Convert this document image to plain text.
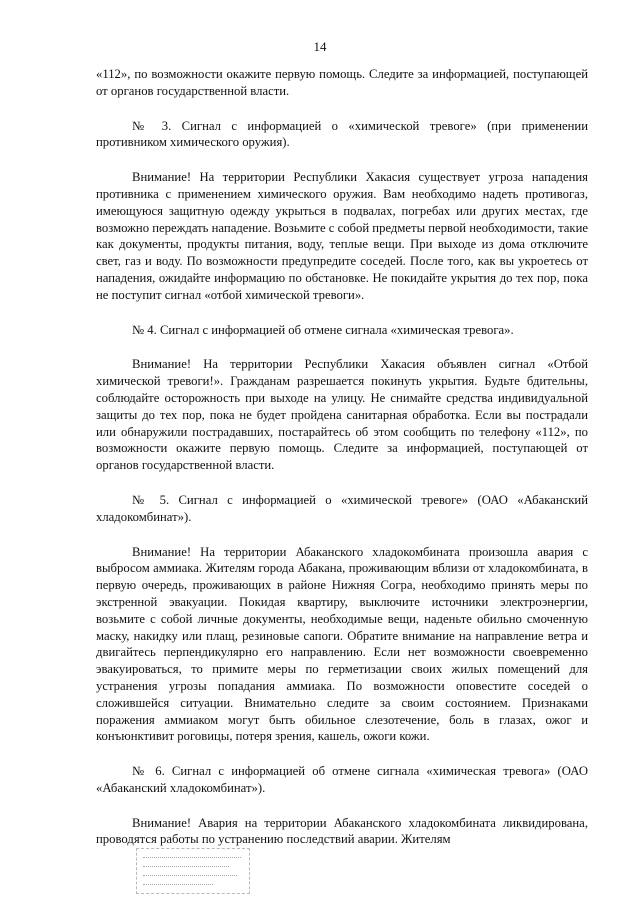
14

«112», по возможности окажите первую помощь. Следите за информацией, поступающей от органов государственной власти.

№ 3. Сигнал с информацией о «химической тревоге» (при применении противником химического оружия).

Внимание! На территории Республики Хакасия существует угроза нападения противника с применением химического оружия. Вам необходимо надеть противогаз, имеющуюся защитную одежду укрыться в подвалах, погребах или других местах, где возможно переждать нападение. Возьмите с собой предметы первой необходимости, такие как документы, продукты питания, воду, теплые вещи. При выходе из дома отключите свет, газ и воду. По возможности предупредите соседей. После того, как вы укроетесь от нападения, ожидайте информацию по обстановке. Не покидайте укрытия до тех пор, пока не поступит сигнал «отбой химической тревоги».

№ 4. Сигнал с информацией об отмене сигнала «химическая тревога».

Внимание! На территории Республики Хакасия объявлен сигнал «Отбой химической тревоги!». Гражданам разрешается покинуть укрытия. Будьте бдительны, соблюдайте осторожность при выходе на улицу. Не снимайте средства индивидуальной защиты до тех пор, пока не будет пройдена санитарная обработка. Если вы пострадали или обнаружили пострадавших, постарайтесь об этом сообщить по телефону «112», по возможности окажите первую помощь. Следите за информацией, поступающей от органов государственной власти.

№ 5. Сигнал с информацией о «химической тревоге» (ОАО «Абаканский хладокомбинат»).

Внимание! На территории Абаканского хладокомбината произошла авария с выбросом аммиака. Жителям города Абакана, проживающим вблизи от хладокомбината, в первую очередь, проживающих в районе Нижняя Согра, необходимо принять меры по экстренной эвакуации. Покидая квартиру, выключите источники электроэнергии, возьмите с собой личные документы, необходимые вещи, наденьте обильно смоченную маску, накидку или плащ, резиновые сапоги. Обратите внимание на направление ветра и двигайтесь перпендикулярно его направлению. Если нет возможности своевременно эвакуироваться, то примите меры по герметизации своих жилых помещений для устранения угрозы попадания аммиака. По возможности оповестите соседей о сложившейся ситуации. Внимательно следите за своим состоянием. Признаками поражения аммиаком могут быть обильное слезотечение, боль в глазах, ожог и конъюнктивит роговицы, потеря зрения, кашель, ожоги кожи.

№ 6. Сигнал с информацией об отмене сигнала «химическая тревога» (ОАО «Абаканский хладокомбинат»).

Внимание! Авария на территории Абаканского хладокомбината ликвидирована, проводятся работы по устранению последствий аварии. Жителям
